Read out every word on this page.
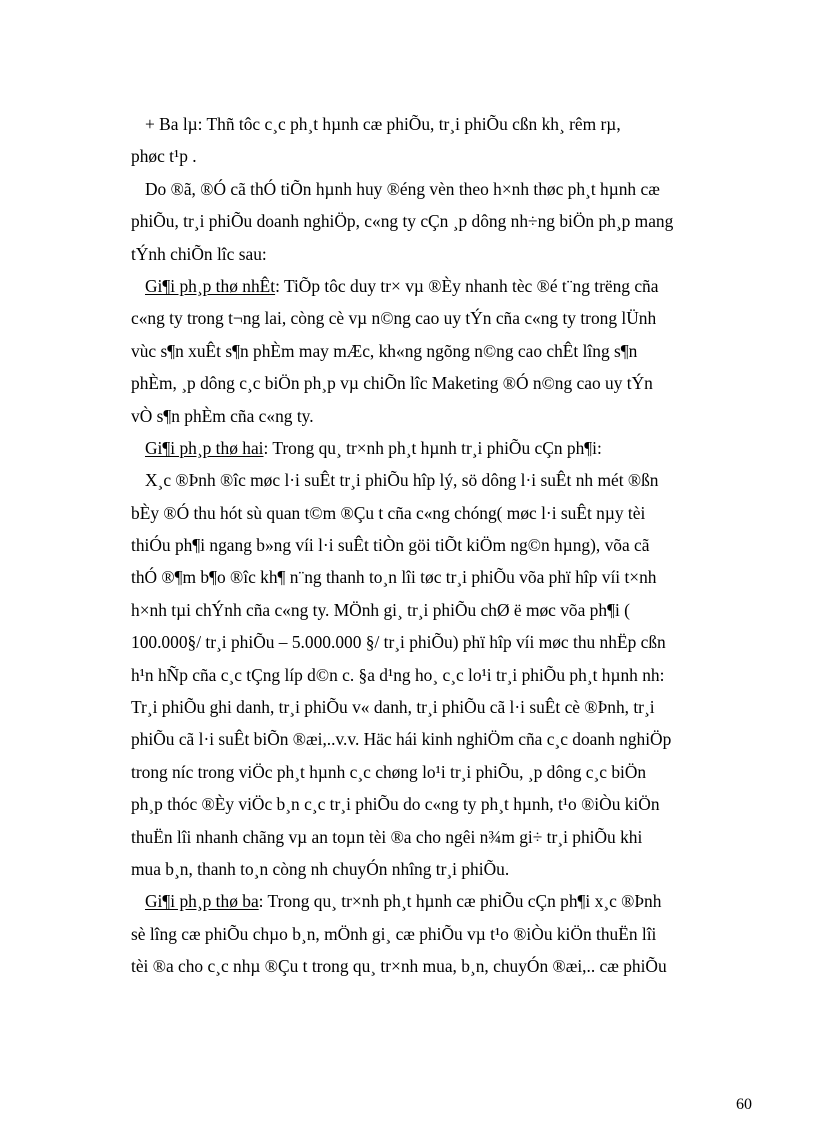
+ Ba lµ: Thñ tôc c¸c ph¸t hµnh cæ phiÕu, tr¸i phiÕu cßn kh¸ rêm rµ,
phøc t¹p .
Do ®ã, ®Ó cã thÓ tiÕn hµnh huy ®éng vèn theo h×nh thøc ph¸t hµnh cæ
phiÕu, tr¸i phiÕu doanh nghiÖp, c«ng ty cÇn ¸p dông nh÷ng biÖn ph¸p mang
tÝnh chiÕn lîc sau:
Gi¶i ph¸p thø nhÊt: TiÕp tôc duy tr× vµ ®Èy nhanh tèc ®é t¨ng trëng cña
c«ng ty trong t¬ng lai, còng cè vµ n©ng cao uy tÝn cña c«ng ty trong lÜnh
vùc s¶n xuÊt s¶n phÈm may mÆc, kh«ng ngõng n©ng cao chÊt lîng s¶n
phÈm, ¸p dông c¸c biÖn ph¸p vµ chiÕn lîc Maketing ®Ó n©ng cao uy tÝn
vÒ s¶n phÈm cña c«ng ty.
Gi¶i ph¸p thø hai: Trong qu¸ tr×nh ph¸t hµnh tr¸i phiÕu cÇn ph¶i:
X¸c ®Þnh ®îc møc l·i suÊt tr¸i phiÕu hîp lý, sö dông l·i suÊt nh mét ®ßn
bÈy ®Ó thu hót sù quan t©m ®Çu t cña c«ng chóng( møc l·i suÊt nµy tèi
thiÓu ph¶i ngang b»ng víi l·i suÊt tiÒn göi tiÕt kiÖm ng©n hµng), võa cã
thÓ ®¶m b¶o ®îc kh¶ n¨ng thanh to¸n lîi tøc tr¸i phiÕu võa phï hîp víi t×nh
h×nh tµi chÝnh cña c«ng ty. MÖnh gi¸ tr¸i phiÕu chØ ë møc võa ph¶i (
100.000§/ tr¸i phiÕu – 5.000.000 §/ tr¸i phiÕu) phï hîp víi møc thu nhËp cßn
h¹n hÑp cña c¸c tÇng líp d©n c. §a d¹ng ho¸ c¸c lo¹i tr¸i phiÕu ph¸t hµnh nh:
Tr¸i phiÕu ghi danh, tr¸i phiÕu v« danh, tr¸i phiÕu cã l·i suÊt cè ®Þnh, tr¸i
phiÕu cã l·i suÊt biÕn ®æi,..v.v. Häc hái kinh nghiÖm cña c¸c doanh nghiÖp
trong níc trong viÖc ph¸t hµnh c¸c chøng lo¹i tr¸i phiÕu, ¸p dông c¸c biÖn
ph¸p thóc ®Èy viÖc b¸n c¸c tr¸i phiÕu do c«ng ty ph¸t hµnh, t¹o ®iÒu kiÖn
thuËn lîi nhanh chãng vµ an toµn tèi ®a cho ngêi n¾m gi÷ tr¸i phiÕu khi
mua b¸n, thanh to¸n còng nh chuyÓn nhîng tr¸i phiÕu.
Gi¶i ph¸p thø ba: Trong qu¸ tr×nh ph¸t hµnh cæ phiÕu cÇn ph¶i x¸c ®Þnh
sè lîng cæ phiÕu chµo b¸n, mÖnh gi¸ cæ phiÕu vµ t¹o ®iÒu kiÖn thuËn lîi
tèi ®a cho c¸c nhµ ®Çu t trong qu¸ tr×nh mua, b¸n, chuyÓn ®æi,.. cæ phiÕu
60
